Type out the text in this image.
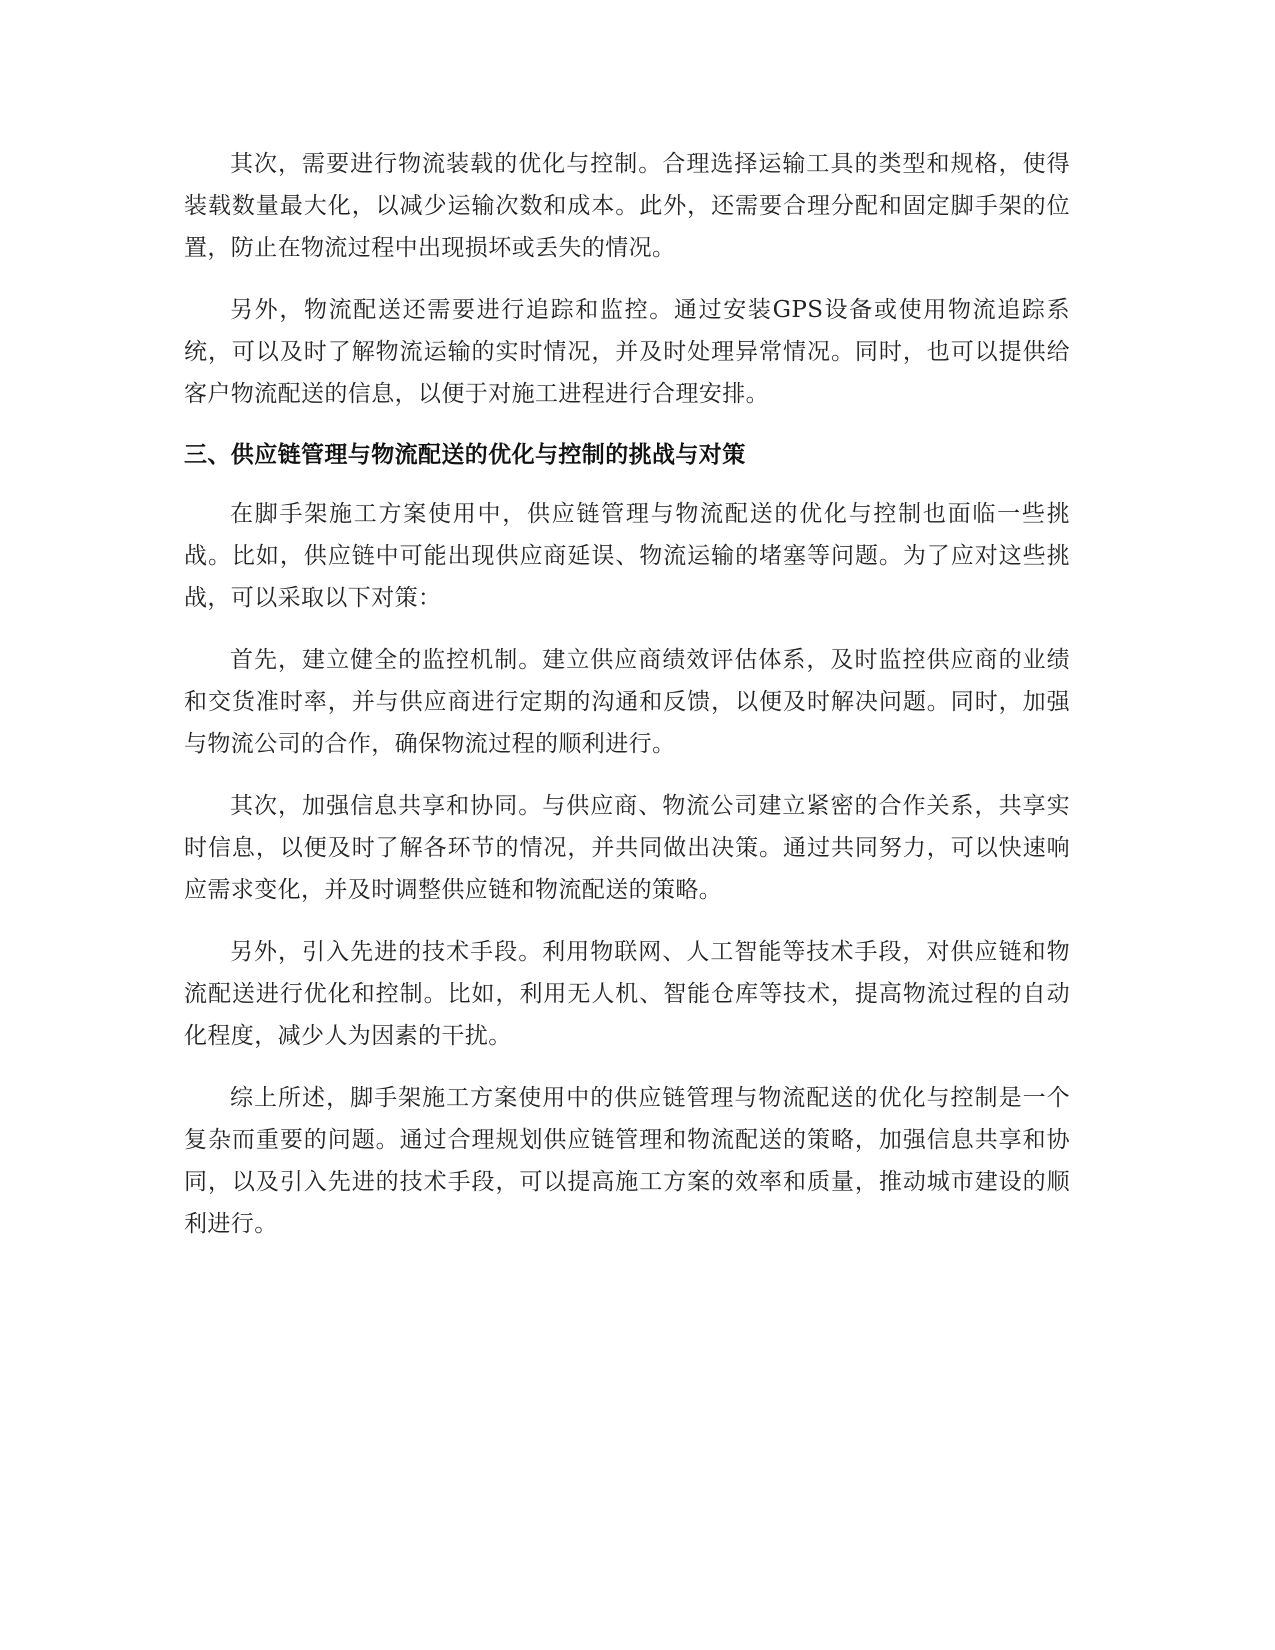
其次，需要进行物流装载的优化与控制。合理选择运输工具的类型和规格，使得装载数量最大化，以减少运输次数和成本。此外，还需要合理分配和固定脚手架的位置，防止在物流过程中出现损坏或丢失的情况。

另外，物流配送还需要进行追踪和监控。通过安装GPS设备或使用物流追踪系统，可以及时了解物流运输的实时情况，并及时处理异常情况。同时，也可以提供给客户物流配送的信息，以便于对施工进程进行合理安排。

三、供应链管理与物流配送的优化与控制的挑战与对策

在脚手架施工方案使用中，供应链管理与物流配送的优化与控制也面临一些挑战。比如，供应链中可能出现供应商延误、物流运输的堵塞等问题。为了应对这些挑战，可以采取以下对策：

首先，建立健全的监控机制。建立供应商绩效评估体系，及时监控供应商的业绩和交货准时率，并与供应商进行定期的沟通和反馈，以便及时解决问题。同时，加强与物流公司的合作，确保物流过程的顺利进行。

其次，加强信息共享和协同。与供应商、物流公司建立紧密的合作关系，共享实时信息，以便及时了解各环节的情况，并共同做出决策。通过共同努力，可以快速响应需求变化，并及时调整供应链和物流配送的策略。

另外，引入先进的技术手段。利用物联网、人工智能等技术手段，对供应链和物流配送进行优化和控制。比如，利用无人机、智能仓库等技术，提高物流过程的自动化程度，减少人为因素的干扰。

综上所述，脚手架施工方案使用中的供应链管理与物流配送的优化与控制是一个复杂而重要的问题。通过合理规划供应链管理和物流配送的策略，加强信息共享和协同，以及引入先进的技术手段，可以提高施工方案的效率和质量，推动城市建设的顺利进行。
